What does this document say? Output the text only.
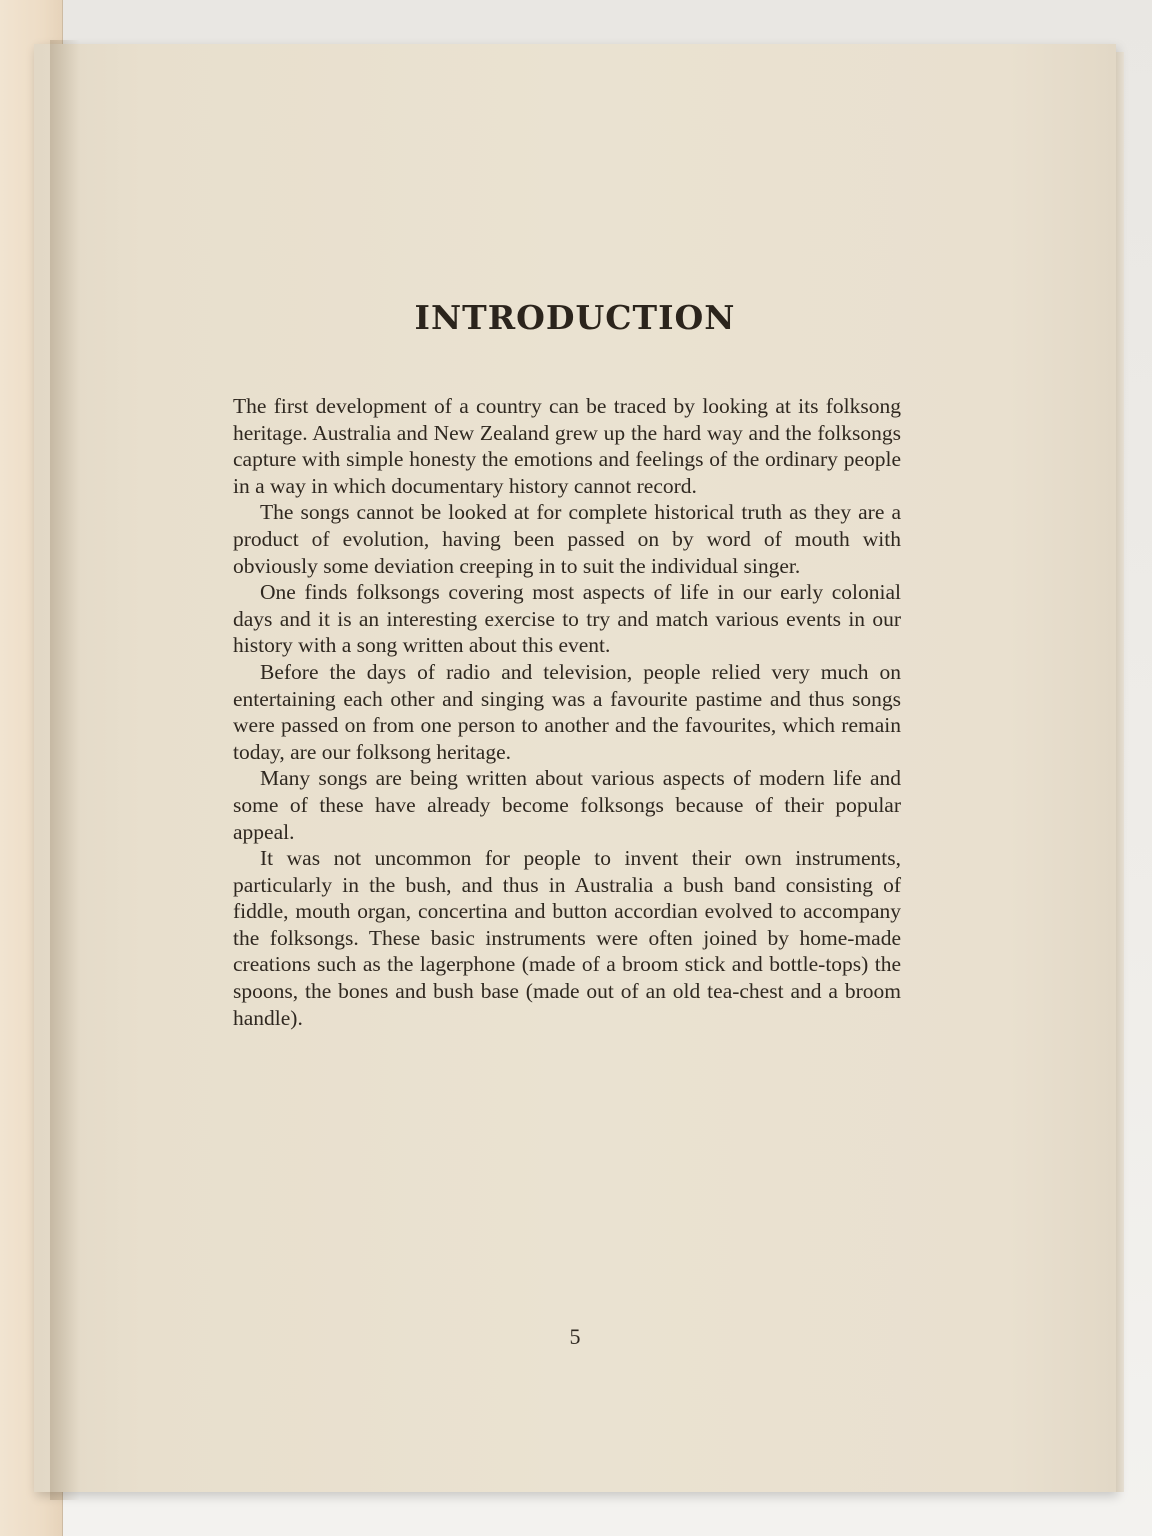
INTRODUCTION

The first development of a country can be traced by looking at its folksong heritage. Australia and New Zealand grew up the hard way and the folksongs capture with simple honesty the emotions and feelings of the ordinary people in a way in which documentary history cannot record.

The songs cannot be looked at for complete historical truth as they are a product of evolution, having been passed on by word of mouth with obviously some deviation creeping in to suit the individual singer.

One finds folksongs covering most aspects of life in our early colonial days and it is an interesting exercise to try and match various events in our history with a song written about this event.

Before the days of radio and television, people relied very much on entertaining each other and singing was a favourite pastime and thus songs were passed on from one person to another and the favourites, which remain today, are our folksong heritage.

Many songs are being written about various aspects of modern life and some of these have already become folksongs because of their popular appeal.

It was not uncommon for people to invent their own instruments, particularly in the bush, and thus in Australia a bush band consisting of fiddle, mouth organ, concertina and button accordian evolved to accompany the folksongs. These basic instruments were often joined by home-made creations such as the lagerphone (made of a broom stick and bottle-tops) the spoons, the bones and bush base (made out of an old tea-chest and a broom handle).

5
